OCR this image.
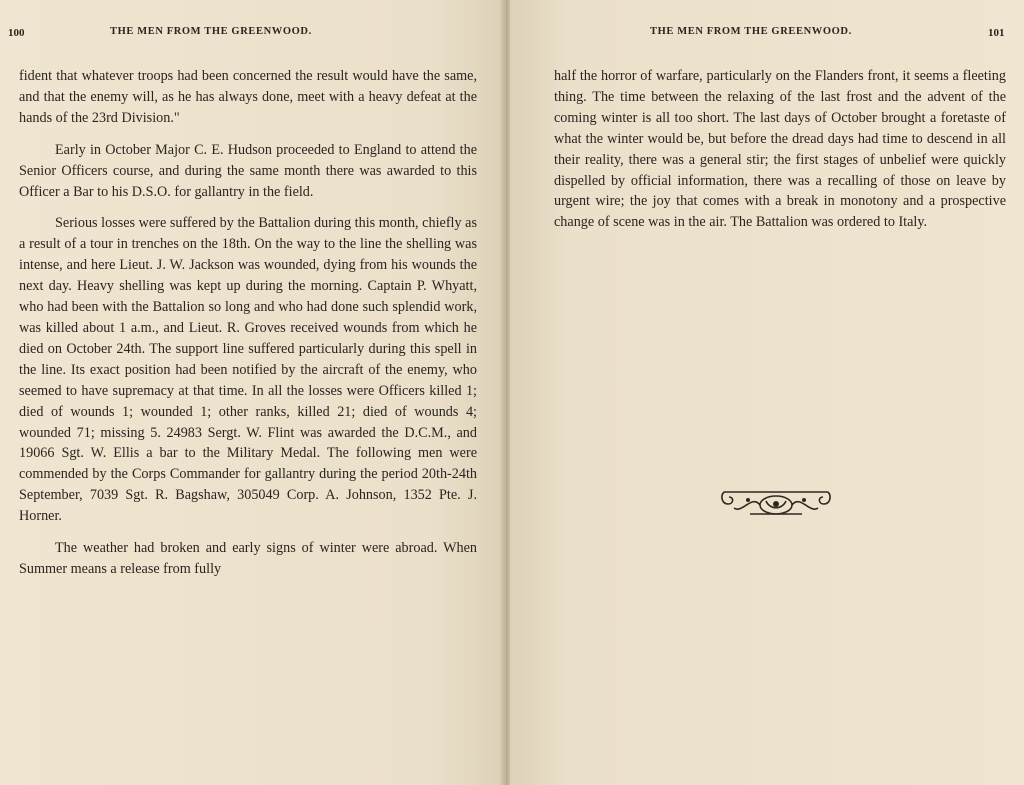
100	THE MEN FROM THE GREENWOOD.

fident that whatever troops had been concerned the result would have the same, and that the enemy will, as he has always done, meet with a heavy defeat at the hands of the 23rd Division."

Early in October Major C. E. Hudson proceeded to England to attend the Senior Officers course, and during the same month there was awarded to this Officer a Bar to his D.S.O. for gallantry in the field.

Serious losses were suffered by the Battalion during this month, chiefly as a result of a tour in trenches on the 18th. On the way to the line the shelling was intense, and here Lieut. J. W. Jackson was wounded, dying from his wounds the next day. Heavy shelling was kept up during the morning. Captain P. Whyatt, who had been with the Battalion so long and who had done such splendid work, was killed about 1 a.m., and Lieut. R. Groves received wounds from which he died on October 24th. The support line suffered particularly during this spell in the line. Its exact position had been notified by the aircraft of the enemy, who seemed to have supremacy at that time. In all the losses were Officers killed 1; died of wounds 1; wounded 1; other ranks, killed 21; died of wounds 4; wounded 71; missing 5. 24983 Sergt. W. Flint was awarded the D.C.M., and 19066 Sgt. W. Ellis a bar to the Military Medal. The following men were commended by the Corps Commander for gallantry during the period 20th-24th September, 7039 Sgt. R. Bagshaw, 305049 Corp. A. Johnson, 1352 Pte. J. Horner.

The weather had broken and early signs of winter were abroad. When Summer means a release from fully

THE MEN FROM THE GREENWOOD.	101

half the horror of warfare, particularly on the Flanders front, it seems a fleeting thing. The time between the relaxing of the last frost and the advent of the coming winter is all too short. The last days of October brought a foretaste of what the winter would be, but before the dread days had time to descend in all their reality, there was a general stir; the first stages of unbelief were quickly dispelled by official information, there was a recalling of those on leave by urgent wire; the joy that comes with a break in monotony and a prospective change of scene was in the air. The Battalion was ordered to Italy.
